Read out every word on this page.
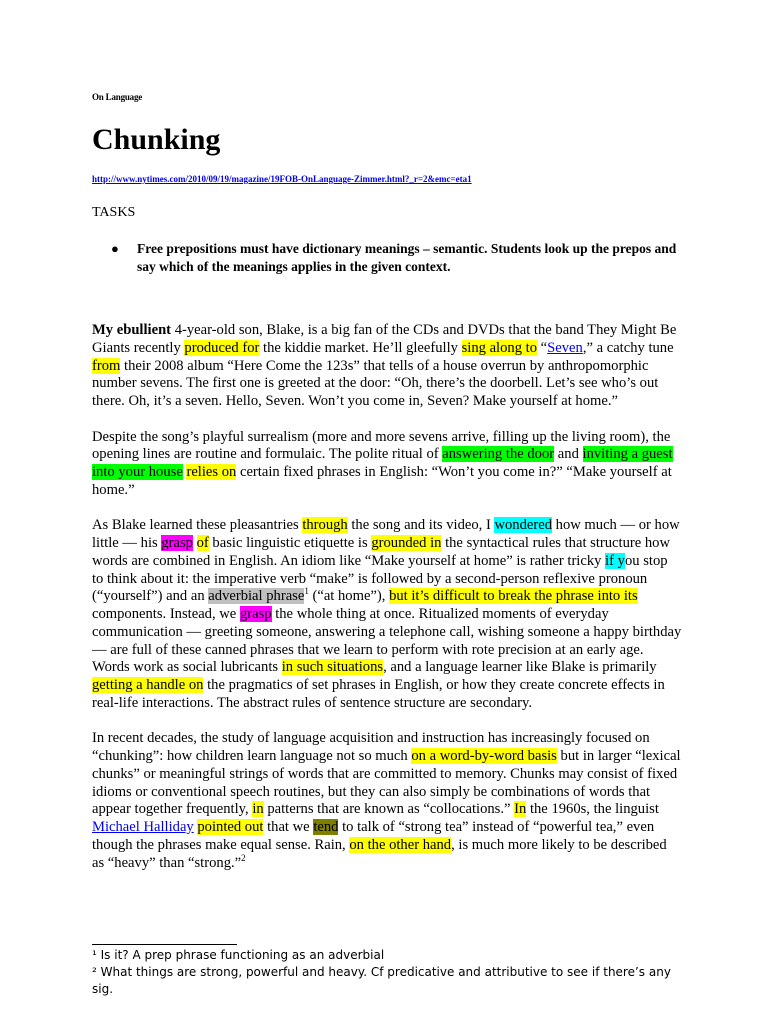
On Language
Chunking
http://www.nytimes.com/2010/09/19/magazine/19FOB-OnLanguage-Zimmer.html?_r=2&emc=eta1
TASKS
● Free prepositions must have dictionary meanings – semantic. Students look up the prepos and say which of the meanings applies in the given context.

My ebullient 4-year-old son, Blake, is a big fan of the CDs and DVDs that the band They Might Be Giants recently produced for the kiddie market. He’ll gleefully sing along to “Seven,” a catchy tune from their 2008 album “Here Come the 123s” that tells of a house overrun by anthropomorphic number sevens. The first one is greeted at the door: “Oh, there’s the doorbell. Let’s see who’s out there. Oh, it’s a seven. Hello, Seven. Won’t you come in, Seven? Make yourself at home.”

Despite the song’s playful surrealism (more and more sevens arrive, filling up the living room), the opening lines are routine and formulaic. The polite ritual of answering the door and inviting a guest into your house relies on certain fixed phrases in English: “Won’t you come in?” “Make yourself at home.”

As Blake learned these pleasantries through the song and its video, I wondered how much — or how little — his grasp of basic linguistic etiquette is grounded in the syntactical rules that structure how words are combined in English. An idiom like “Make yourself at home” is rather tricky if you stop to think about it: the imperative verb “make” is followed by a second-person reflexive pronoun (“yourself”) and an adverbial phrase$^1$ (“at home”), but it’s difficult to break the phrase into its components. Instead, we grasp the whole thing at once. Ritualized moments of everyday communication — greeting someone, answering a telephone call, wishing someone a happy birthday — are full of these canned phrases that we learn to perform with rote precision at an early age. Words work as social lubricants in such situations, and a language learner like Blake is primarily getting a handle on the pragmatics of set phrases in English, or how they create concrete effects in real-life interactions. The abstract rules of sentence structure are secondary.

In recent decades, the study of language acquisition and instruction has increasingly focused on “chunking”: how children learn language not so much on a word-by-word basis but in larger “lexical chunks” or meaningful strings of words that are committed to memory. Chunks may consist of fixed idioms or conventional speech routines, but they can also simply be combinations of words that appear together frequently, in patterns that are known as “collocations.” In the 1960s, the linguist Michael Halliday pointed out that we tend to talk of “strong tea” instead of “powerful tea,” even though the phrases make equal sense. Rain, on the other hand, is much more likely to be described as “heavy” than “strong.”$^2$

¹ Is it? A prep phrase functioning as an adverbial

² What things are strong, powerful and heavy. Cf predicative and attributive to see if there’s any sig.
